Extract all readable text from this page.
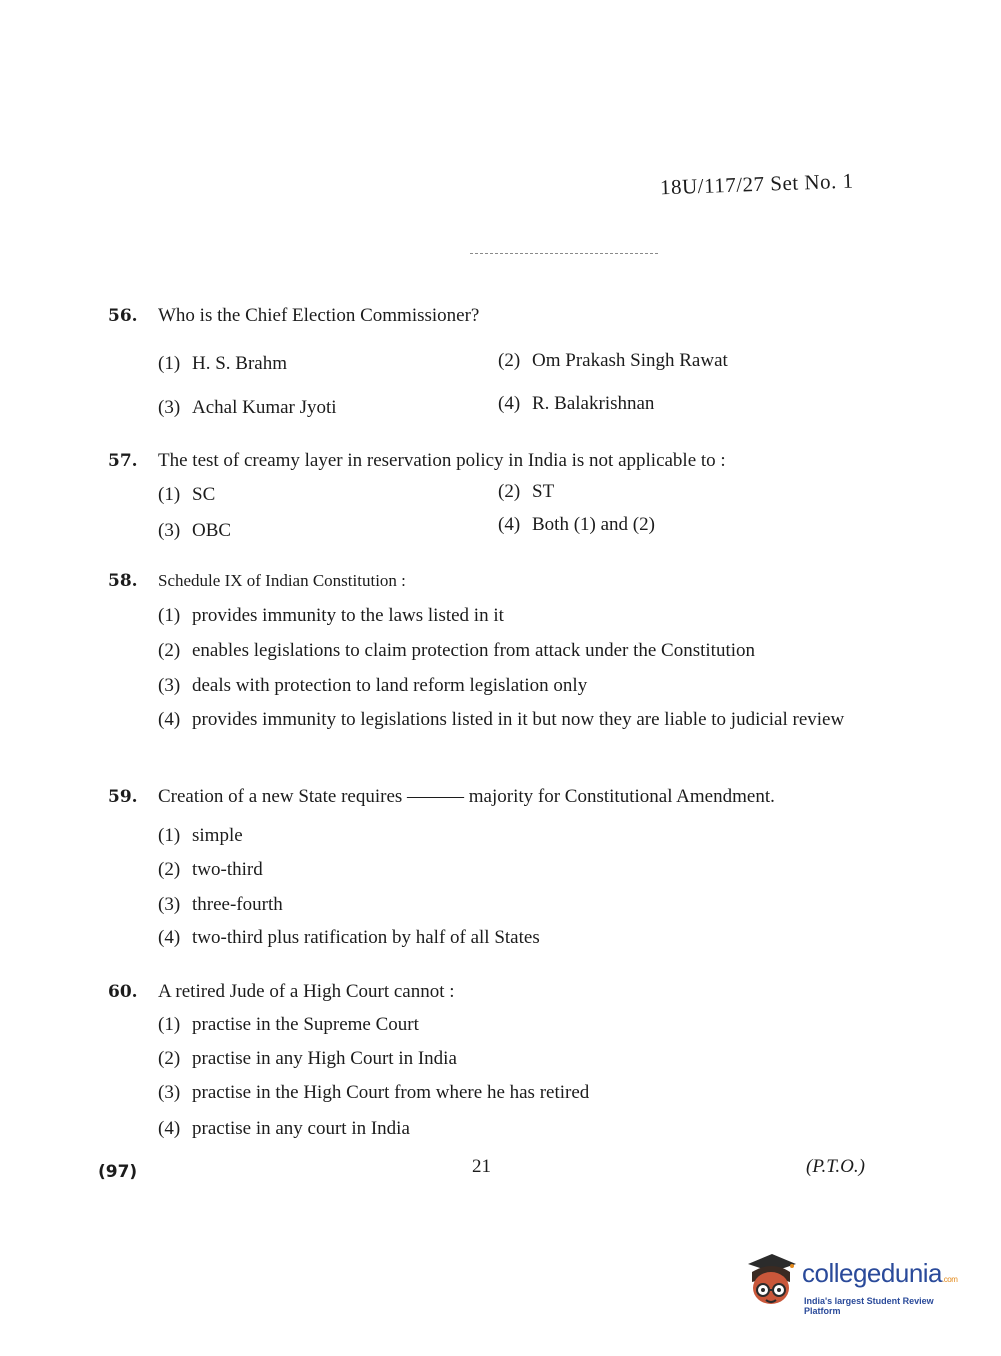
18U/117/27 Set No. 1
56. Who is the Chief Election Commissioner?
(1) H. S. Brahm	(2) Om Prakash Singh Rawat
(3) Achal Kumar Jyoti	(4) R. Balakrishnan
57. The test of creamy layer in reservation policy in India is not applicable to :
(1) SC	(2) ST
(3) OBC	(4) Both (1) and (2)
58. Schedule IX of Indian Constitution :
(1) provides immunity to the laws listed in it
(2) enables legislations to claim protection from attack under the Constitution
(3) deals with protection to land reform legislation only
(4) provides immunity to legislations listed in it but now they are liable to judicial review
59. Creation of a new State requires ——— majority for Constitutional Amendment.
(1) simple
(2) two-third
(3) three-fourth
(4) two-third plus ratification by half of all States
60. A retired Jude of a High Court cannot :
(1) practise in the Supreme Court
(2) practise in any High Court in India
(3) practise in the High Court from where he has retired
(4) practise in any court in India
(97)	21	(P.T.O.)
collegedunia.com
India's largest Student Review Platform
